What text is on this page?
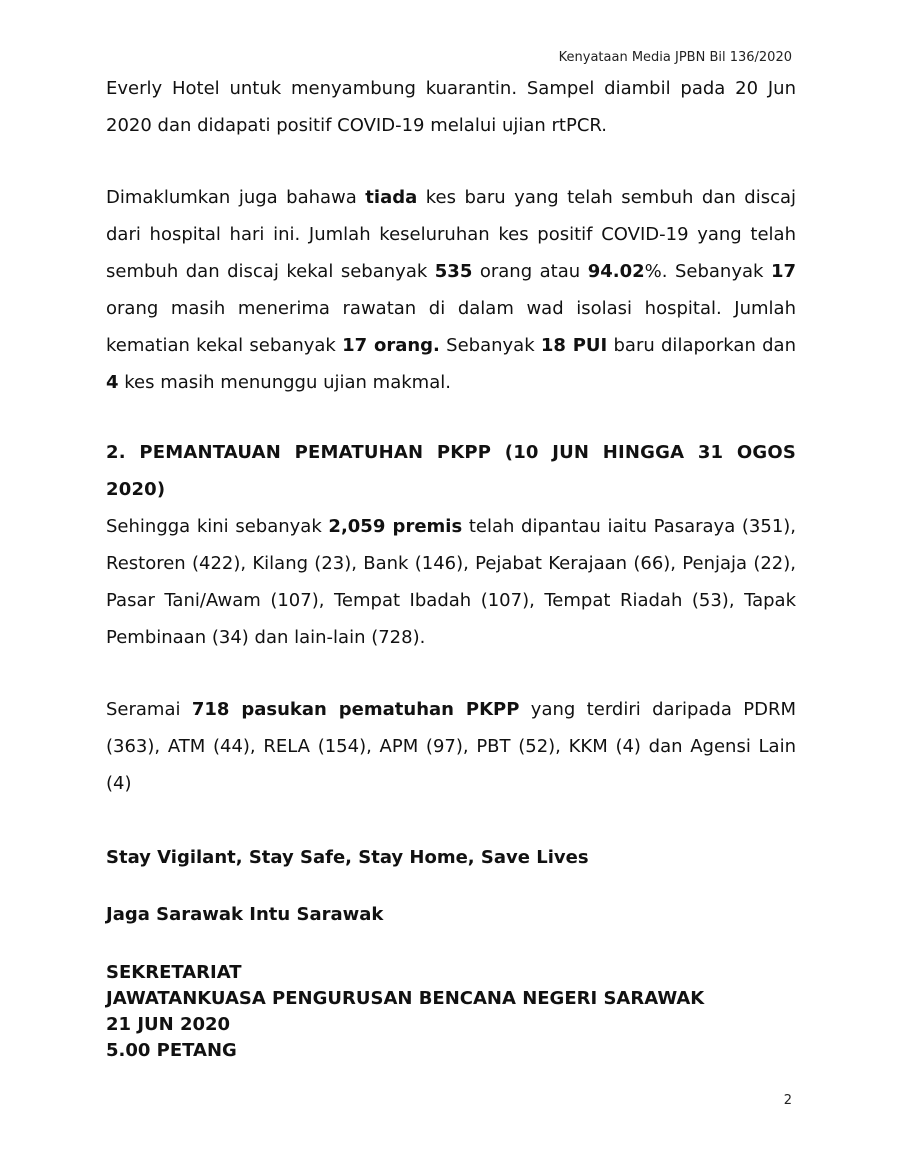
Kenyataan Media JPBN Bil 136/2020

Everly Hotel untuk menyambung kuarantin. Sampel diambil pada 20 Jun 2020 dan didapati positif COVID-19 melalui ujian rtPCR.

Dimaklumkan juga bahawa tiada kes baru yang telah sembuh dan discaj dari hospital hari ini. Jumlah keseluruhan kes positif COVID-19 yang telah sembuh dan discaj kekal sebanyak 535 orang atau 94.02%. Sebanyak 17 orang masih menerima rawatan di dalam wad isolasi hospital. Jumlah kematian kekal sebanyak 17 orang. Sebanyak 18 PUI baru dilaporkan dan 4 kes masih menunggu ujian makmal.

2. PEMANTAUAN PEMATUHAN PKPP (10 JUN HINGGA 31 OGOS 2020)

Sehingga kini sebanyak 2,059 premis telah dipantau iaitu Pasaraya (351), Restoren (422), Kilang (23), Bank (146), Pejabat Kerajaan (66), Penjaja (22), Pasar Tani/Awam (107), Tempat Ibadah (107), Tempat Riadah (53), Tapak Pembinaan (34) dan lain-lain (728).

Seramai 718 pasukan pematuhan PKPP yang terdiri daripada PDRM (363), ATM (44), RELA (154), APM (97), PBT (52), KKM (4) dan Agensi Lain (4)

Stay Vigilant, Stay Safe, Stay Home, Save Lives

Jaga Sarawak Intu Sarawak

SEKRETARIAT

JAWATANKUASA PENGURUSAN BENCANA NEGERI SARAWAK

21 JUN 2020

5.00 PETANG

2
